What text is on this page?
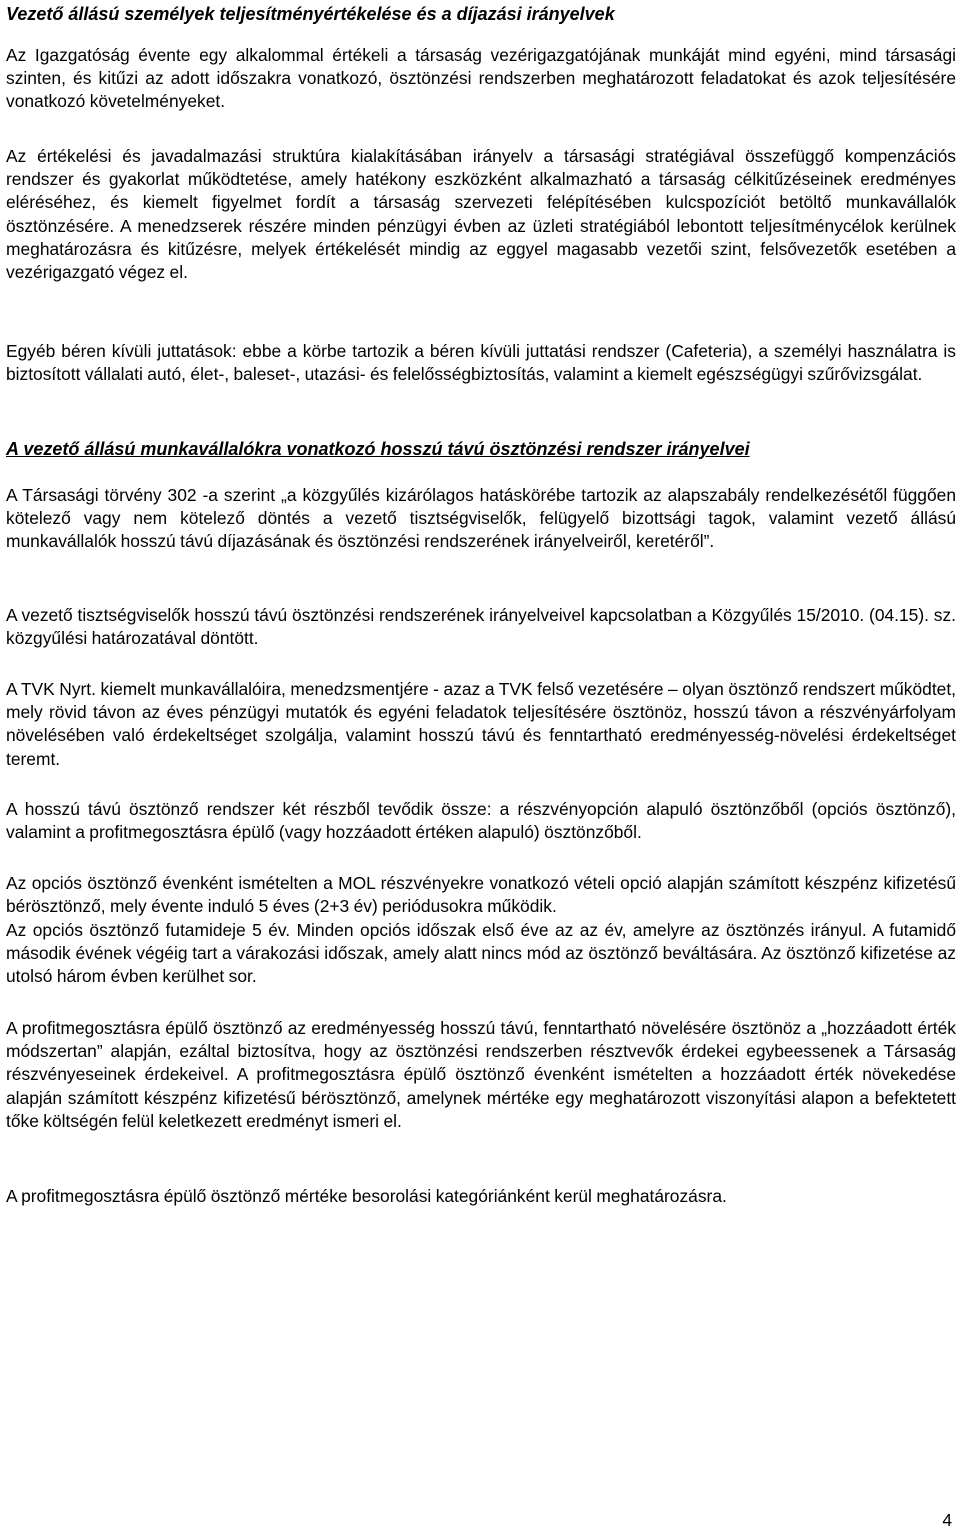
Vezető állású személyek teljesítményértékelése és a díjazási irányelvek

Az Igazgatóság évente egy alkalommal értékeli a társaság vezérigazgatójának munkáját mind egyéni, mind társasági szinten, és kitűzi az adott időszakra vonatkozó, ösztönzési rendszerben meghatározott feladatokat és azok teljesítésére vonatkozó követelményeket.

Az értékelési és javadalmazási struktúra kialakításában irányelv a társasági stratégiával összefüggő kompenzációs rendszer és gyakorlat működtetése, amely hatékony eszközként alkalmazható a társaság célkitűzéseinek eredményes eléréséhez, és kiemelt figyelmet fordít a társaság szervezeti felépítésében kulcspozíciót betöltő munkavállalók ösztönzésére. A menedzserek részére minden pénzügyi évben az üzleti stratégiából lebontott teljesítménycélok kerülnek meghatározásra és kitűzésre, melyek értékelését mindig az eggyel magasabb vezetői szint, felsővezetők esetében a vezérigazgató végez el.

Egyéb béren kívüli juttatások: ebbe a körbe tartozik a béren kívüli juttatási rendszer (Cafeteria), a személyi használatra is biztosított vállalati autó, élet-, baleset-, utazási- és felelősségbiztosítás, valamint a kiemelt egészségügyi szűrővizsgálat.

A vezető állású munkavállalókra vonatkozó hosszú távú ösztönzési rendszer irányelvei

A Társasági törvény 302 -a szerint „a közgyűlés kizárólagos hatáskörébe tartozik az alapszabály rendelkezésétől függően kötelező vagy nem kötelező döntés a vezető tisztségviselők, felügyelő bizottsági tagok, valamint vezető állású munkavállalók hosszú távú díjazásának és ösztönzési rendszerének irányelveiről, keretéről”.

A vezető tisztségviselők hosszú távú ösztönzési rendszerének irányelveivel kapcsolatban a Közgyűlés 15/2010. (04.15). sz. közgyűlési határozatával döntött.

A TVK Nyrt. kiemelt munkavállalóira, menedzsmentjére - azaz a TVK felső vezetésére – olyan ösztönző rendszert működtet, mely rövid távon az éves pénzügyi mutatók és egyéni feladatok teljesítésére ösztönöz, hosszú távon a részvényárfolyam növelésében való érdekeltséget szolgálja, valamint hosszú távú és fenntartható eredményesség-növelési érdekeltséget teremt.

A hosszú távú ösztönző rendszer két részből tevődik össze: a részvényopción alapuló ösztönzőből (opciós ösztönző), valamint a profitmegosztásra épülő (vagy hozzáadott értéken alapuló) ösztönzőből.

Az opciós ösztönző évenként ismételten a MOL részvényekre vonatkozó vételi opció alapján számított készpénz kifizetésű bérösztönző, mely évente induló 5 éves (2+3 év) periódusokra működik.

Az opciós ösztönző futamideje 5 év. Minden opciós időszak első éve az az év, amelyre az ösztönzés irányul. A futamidő második évének végéig tart a várakozási időszak, amely alatt nincs mód az ösztönző beváltására. Az ösztönző kifizetése az utolsó három évben kerülhet sor.

A profitmegosztásra épülő ösztönző az eredményesség hosszú távú, fenntartható növelésére ösztönöz a „hozzáadott érték módszertan” alapján, ezáltal biztosítva, hogy az ösztönzési rendszerben résztvevők érdekei egybeessenek a Társaság részvényeseinek érdekeivel. A profitmegosztásra épülő ösztönző évenként ismételten a hozzáadott érték növekedése alapján számított készpénz kifizetésű bérösztönző, amelynek mértéke egy meghatározott viszonyítási alapon a befektetett tőke költségén felül keletkezett eredményt ismeri el.

A profitmegosztásra épülő ösztönző mértéke besorolási kategóriánként kerül meghatározásra.

4
